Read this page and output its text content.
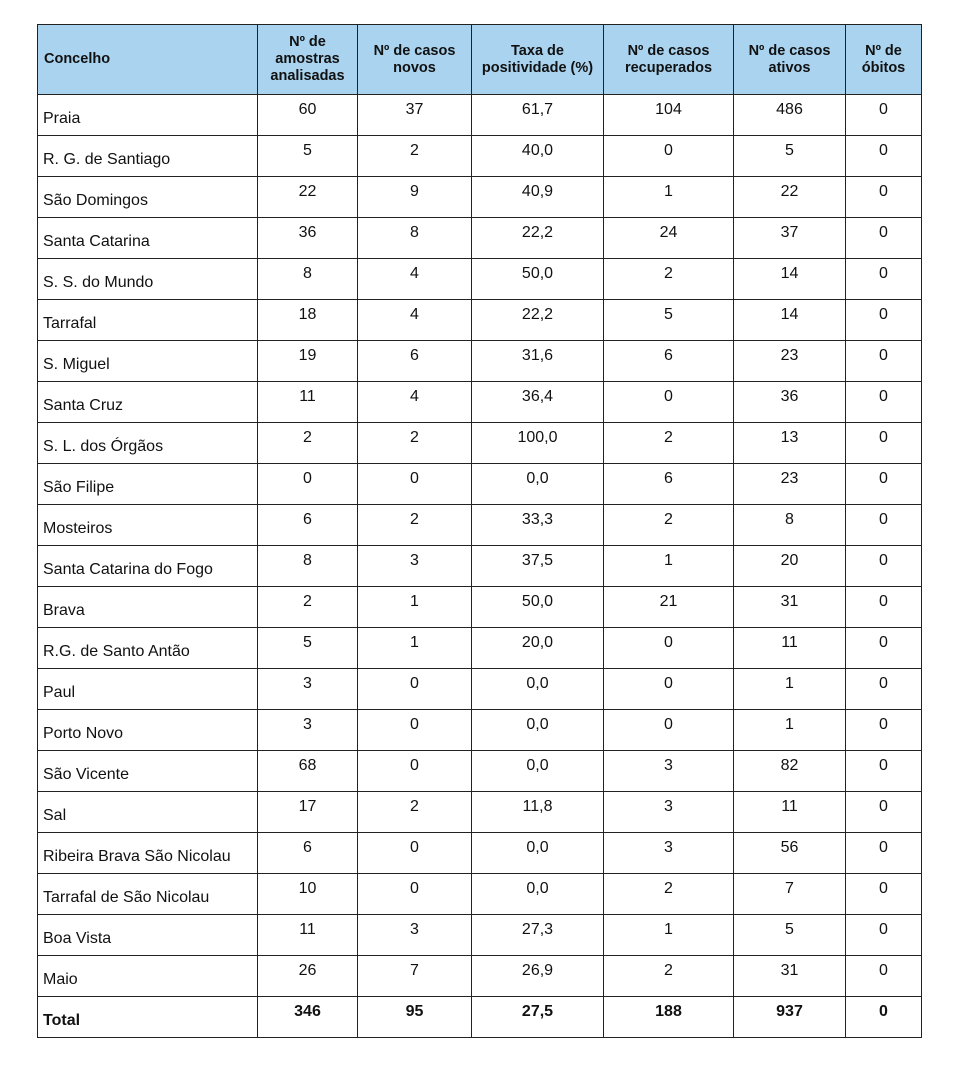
Concelho	Nº de amostras analisadas	Nº de casos novos	Taxa de positividade (%)	Nº de casos recuperados	Nº de casos ativos	Nº de óbitos
Praia	60	37	61,7	104	486	0
R. G. de Santiago	5	2	40,0	0	5	0
São Domingos	22	9	40,9	1	22	0
Santa Catarina	36	8	22,2	24	37	0
S. S. do Mundo	8	4	50,0	2	14	0
Tarrafal	18	4	22,2	5	14	0
S. Miguel	19	6	31,6	6	23	0
Santa Cruz	11	4	36,4	0	36	0
S. L. dos Órgãos	2	2	100,0	2	13	0
São Filipe	0	0	0,0	6	23	0
Mosteiros	6	2	33,3	2	8	0
Santa Catarina do Fogo	8	3	37,5	1	20	0
Brava	2	1	50,0	21	31	0
R.G. de Santo Antão	5	1	20,0	0	11	0
Paul	3	0	0,0	0	1	0
Porto Novo	3	0	0,0	0	1	0
São Vicente	68	0	0,0	3	82	0
Sal	17	2	11,8	3	11	0
Ribeira Brava São Nicolau	6	0	0,0	3	56	0
Tarrafal de São Nicolau	10	0	0,0	2	7	0
Boa Vista	11	3	27,3	1	5	0
Maio	26	7	26,9	2	31	0
Total	346	95	27,5	188	937	0
